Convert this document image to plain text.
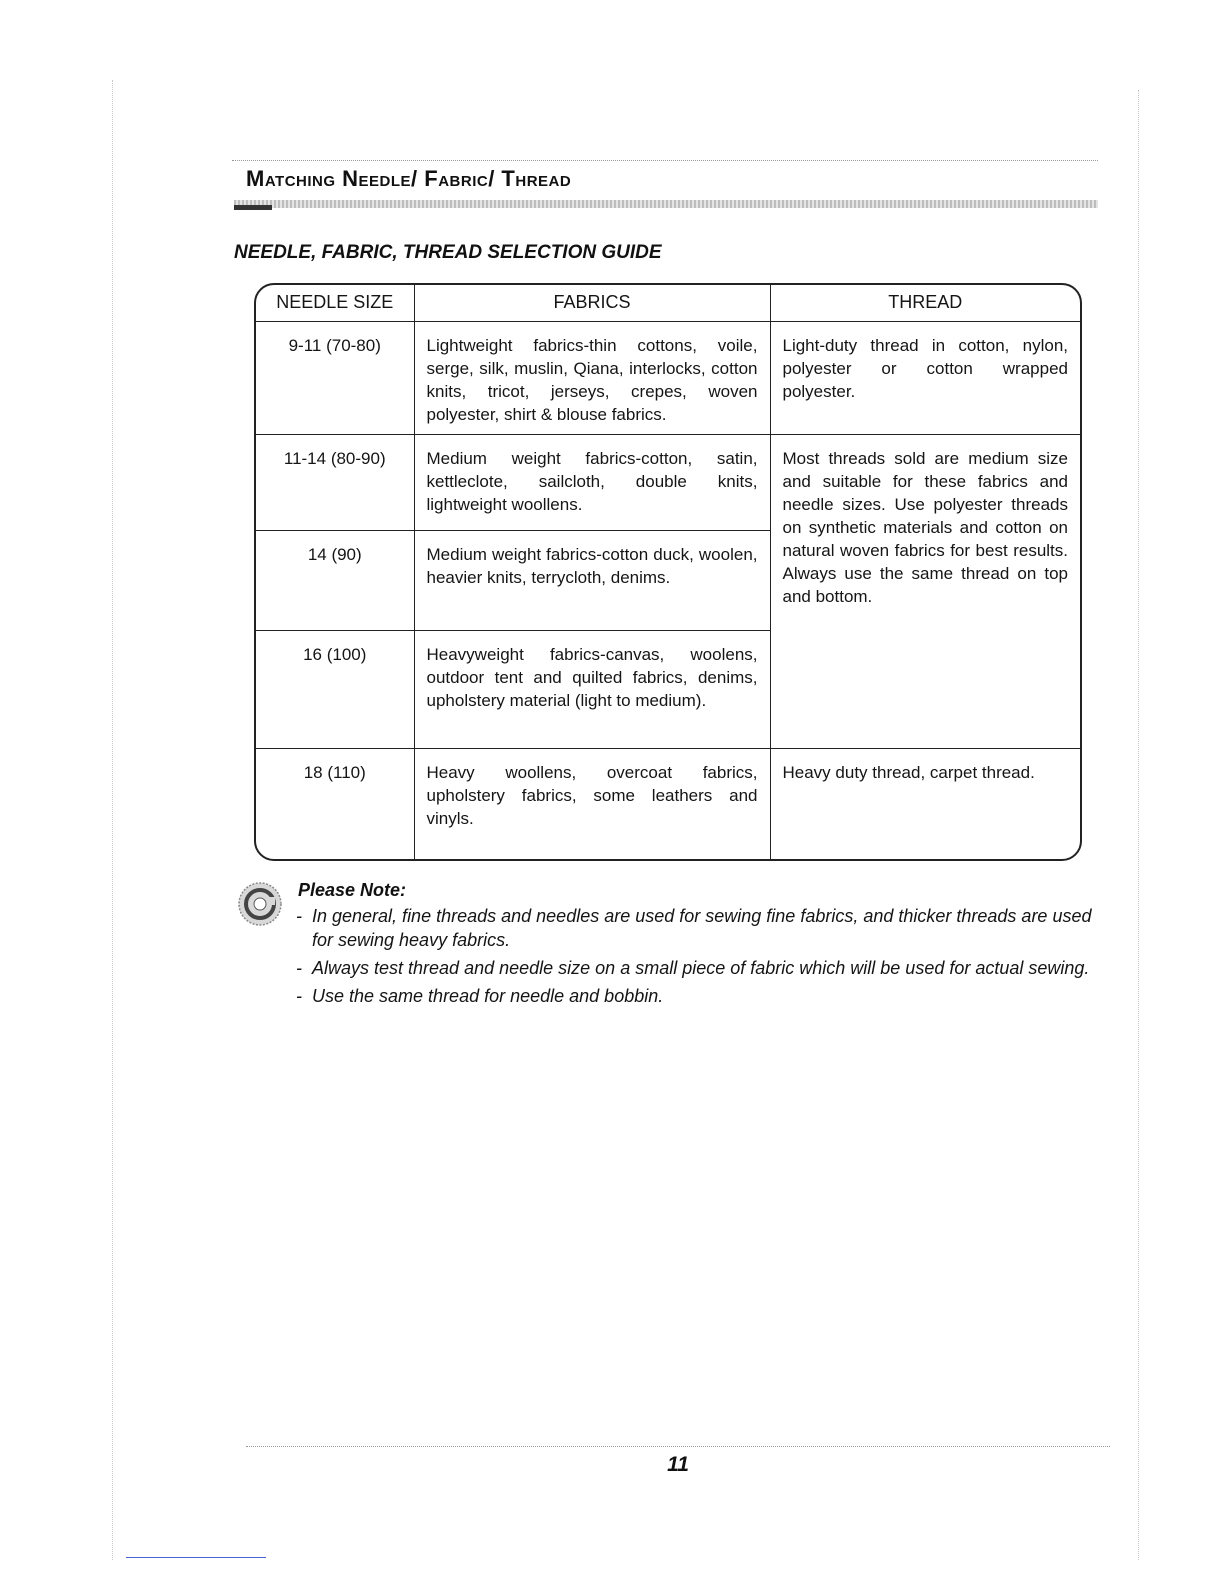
Matching Needle/ Fabric/ Thread
NEEDLE, FABRIC, THREAD SELECTION GUIDE
NEEDLE SIZE	FABRICS	THREAD
9-11 (70-80)	Lightweight fabrics-thin cottons, voile, serge, silk, muslin, Qiana, interlocks, cotton knits, tricot, jerseys, crepes, woven polyester, shirt & blouse fabrics.	Light-duty thread in cotton, nylon, polyester or cotton wrapped polyester.
11-14 (80-90)	Medium weight fabrics-cotton, satin, kettleclote, sailcloth, double knits, lightweight woollens.	Most threads sold are medium size and suitable for these fabrics and needle sizes. Use polyester threads on synthetic materials and cotton on natural woven fabrics for best results. Always use the same thread on top and bottom.
14 (90)	Medium weight fabrics-cotton duck, woolen, heavier knits, terrycloth, denims.	
16 (100)	Heavyweight fabrics-canvas, woolens, outdoor tent and quilted fabrics, denims, upholstery material (light to medium).	
18 (110)	Heavy woollens, overcoat fabrics, upholstery fabrics, some leathers and vinyls.	Heavy duty thread, carpet thread.
Please Note:
- In general, fine threads and needles are used for sewing fine fabrics, and thicker threads are used for sewing heavy fabrics.
- Always test thread and needle size on a small piece of fabric which will be used for actual sewing.
- Use the same thread for needle and bobbin.
11
